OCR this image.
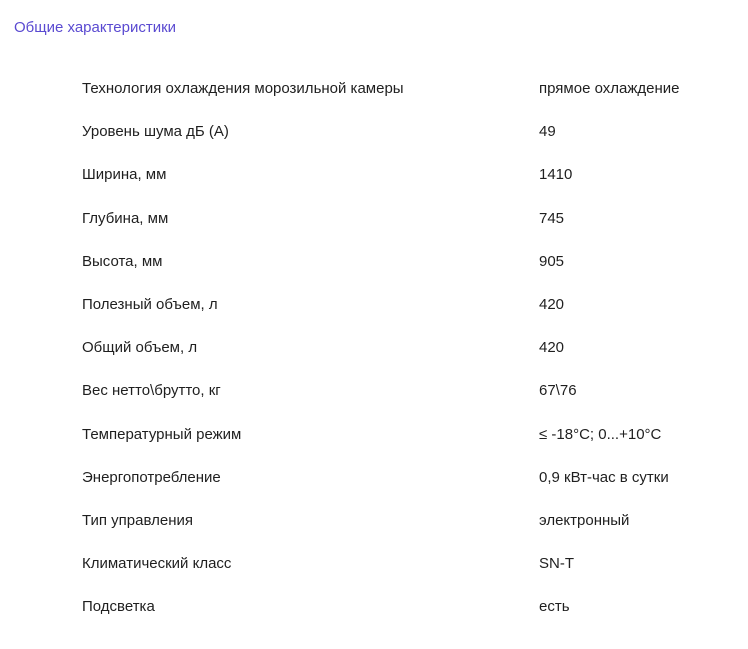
Общие характеристики
Технология охлаждения морозильной камеры	прямое охлаждение
Уровень шума дБ (А)	49
Ширина, мм	1410
Глубина, мм	745
Высота, мм	905
Полезный объем, л	420
Общий объем, л	420
Вес нетто\брутто, кг	67\76
Температурный режим	≤ -18°C; 0...+10°C
Энергопотребление	0,9 кВт-час в сутки
Тип управления	электронный
Климатический класс	SN-T
Подсветка	есть
